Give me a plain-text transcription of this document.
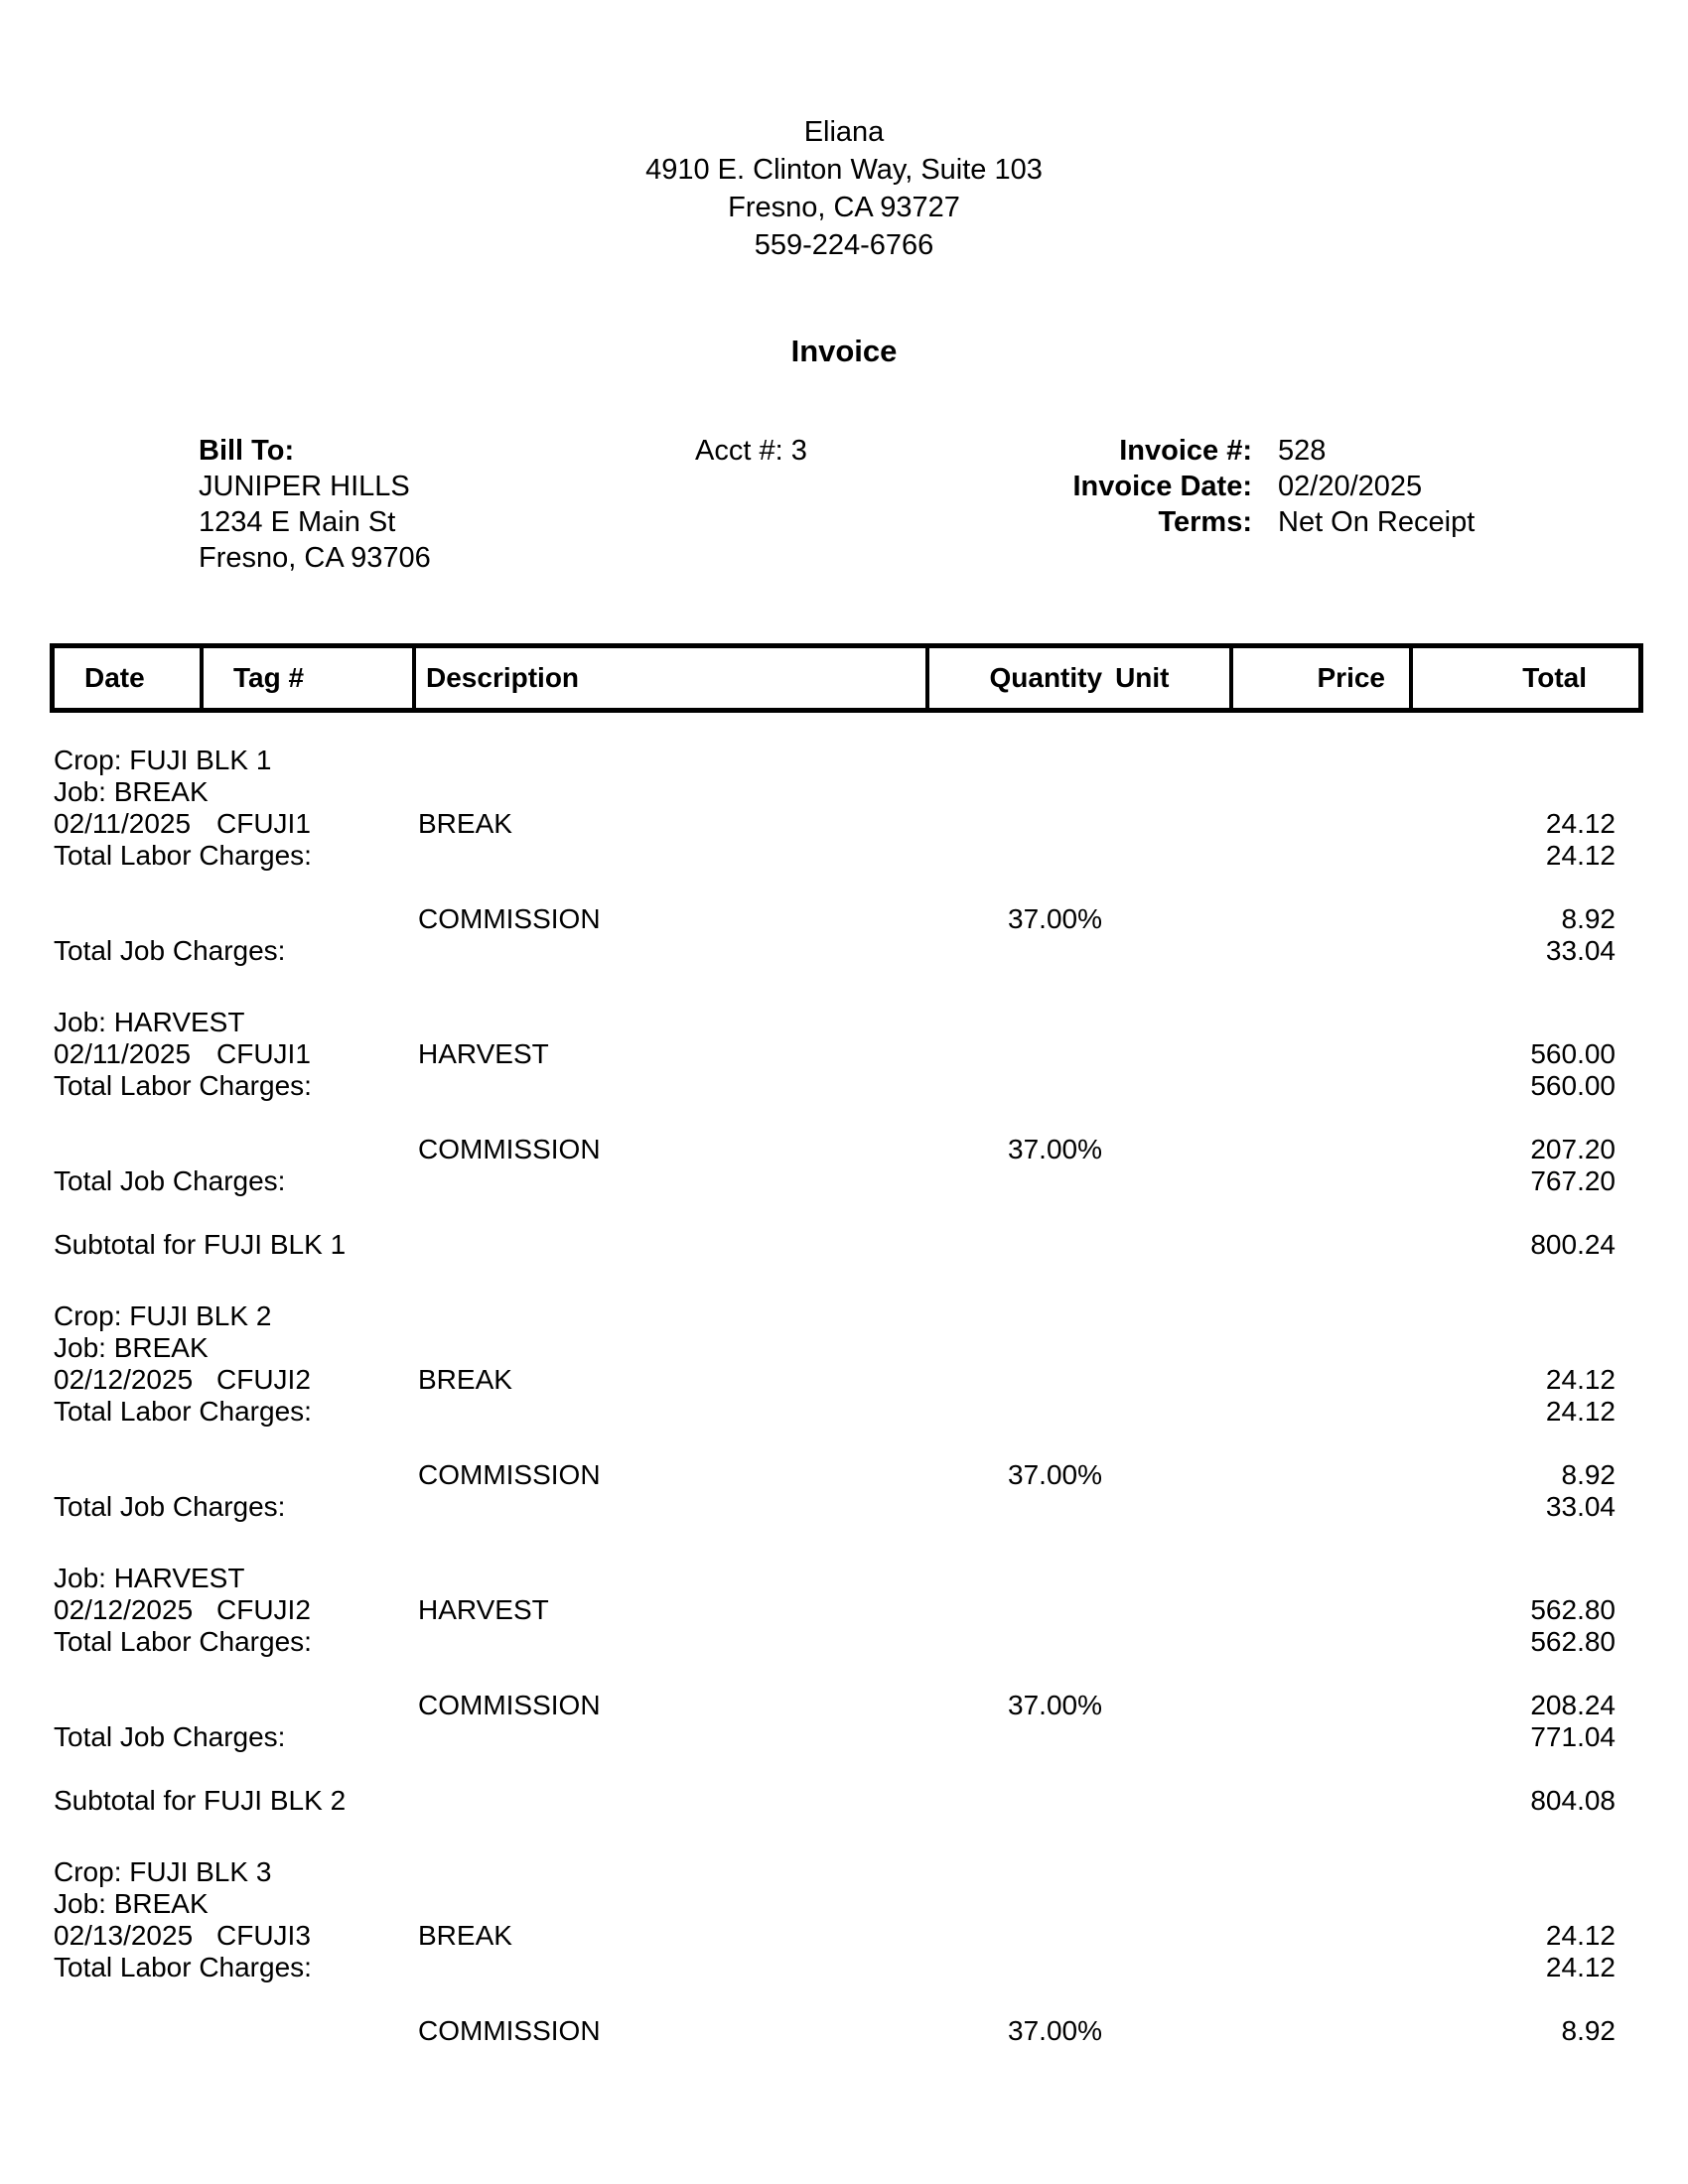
Eliana
4910 E. Clinton Way, Suite 103
Fresno, CA 93727
559-224-6766
Invoice
Bill To:
JUNIPER HILLS
1234 E Main St
Fresno, CA 93706
Acct #: 3	Invoice #: 528
Invoice Date: 02/20/2025
Terms: Net On Receipt
Date	Tag #	Description	Quantity Unit	Price	Total
Crop: FUJI BLK 1
Job: BREAK
02/11/2025 CFUJI1	BREAK	24.12
Total Labor Charges:	24.12
COMMISSION	37.00%	8.92
Total Job Charges:	33.04
Job: HARVEST
02/11/2025 CFUJI1	HARVEST	560.00
Total Labor Charges:	560.00
COMMISSION	37.00%	207.20
Total Job Charges:	767.20
Subtotal for FUJI BLK 1	800.24
Crop: FUJI BLK 2
Job: BREAK
02/12/2025 CFUJI2	BREAK	24.12
Total Labor Charges:	24.12
COMMISSION	37.00%	8.92
Total Job Charges:	33.04
Job: HARVEST
02/12/2025 CFUJI2	HARVEST	562.80
Total Labor Charges:	562.80
COMMISSION	37.00%	208.24
Total Job Charges:	771.04
Subtotal for FUJI BLK 2	804.08
Crop: FUJI BLK 3
Job: BREAK
02/13/2025 CFUJI3	BREAK	24.12
Total Labor Charges:	24.12
COMMISSION	37.00%	8.92
